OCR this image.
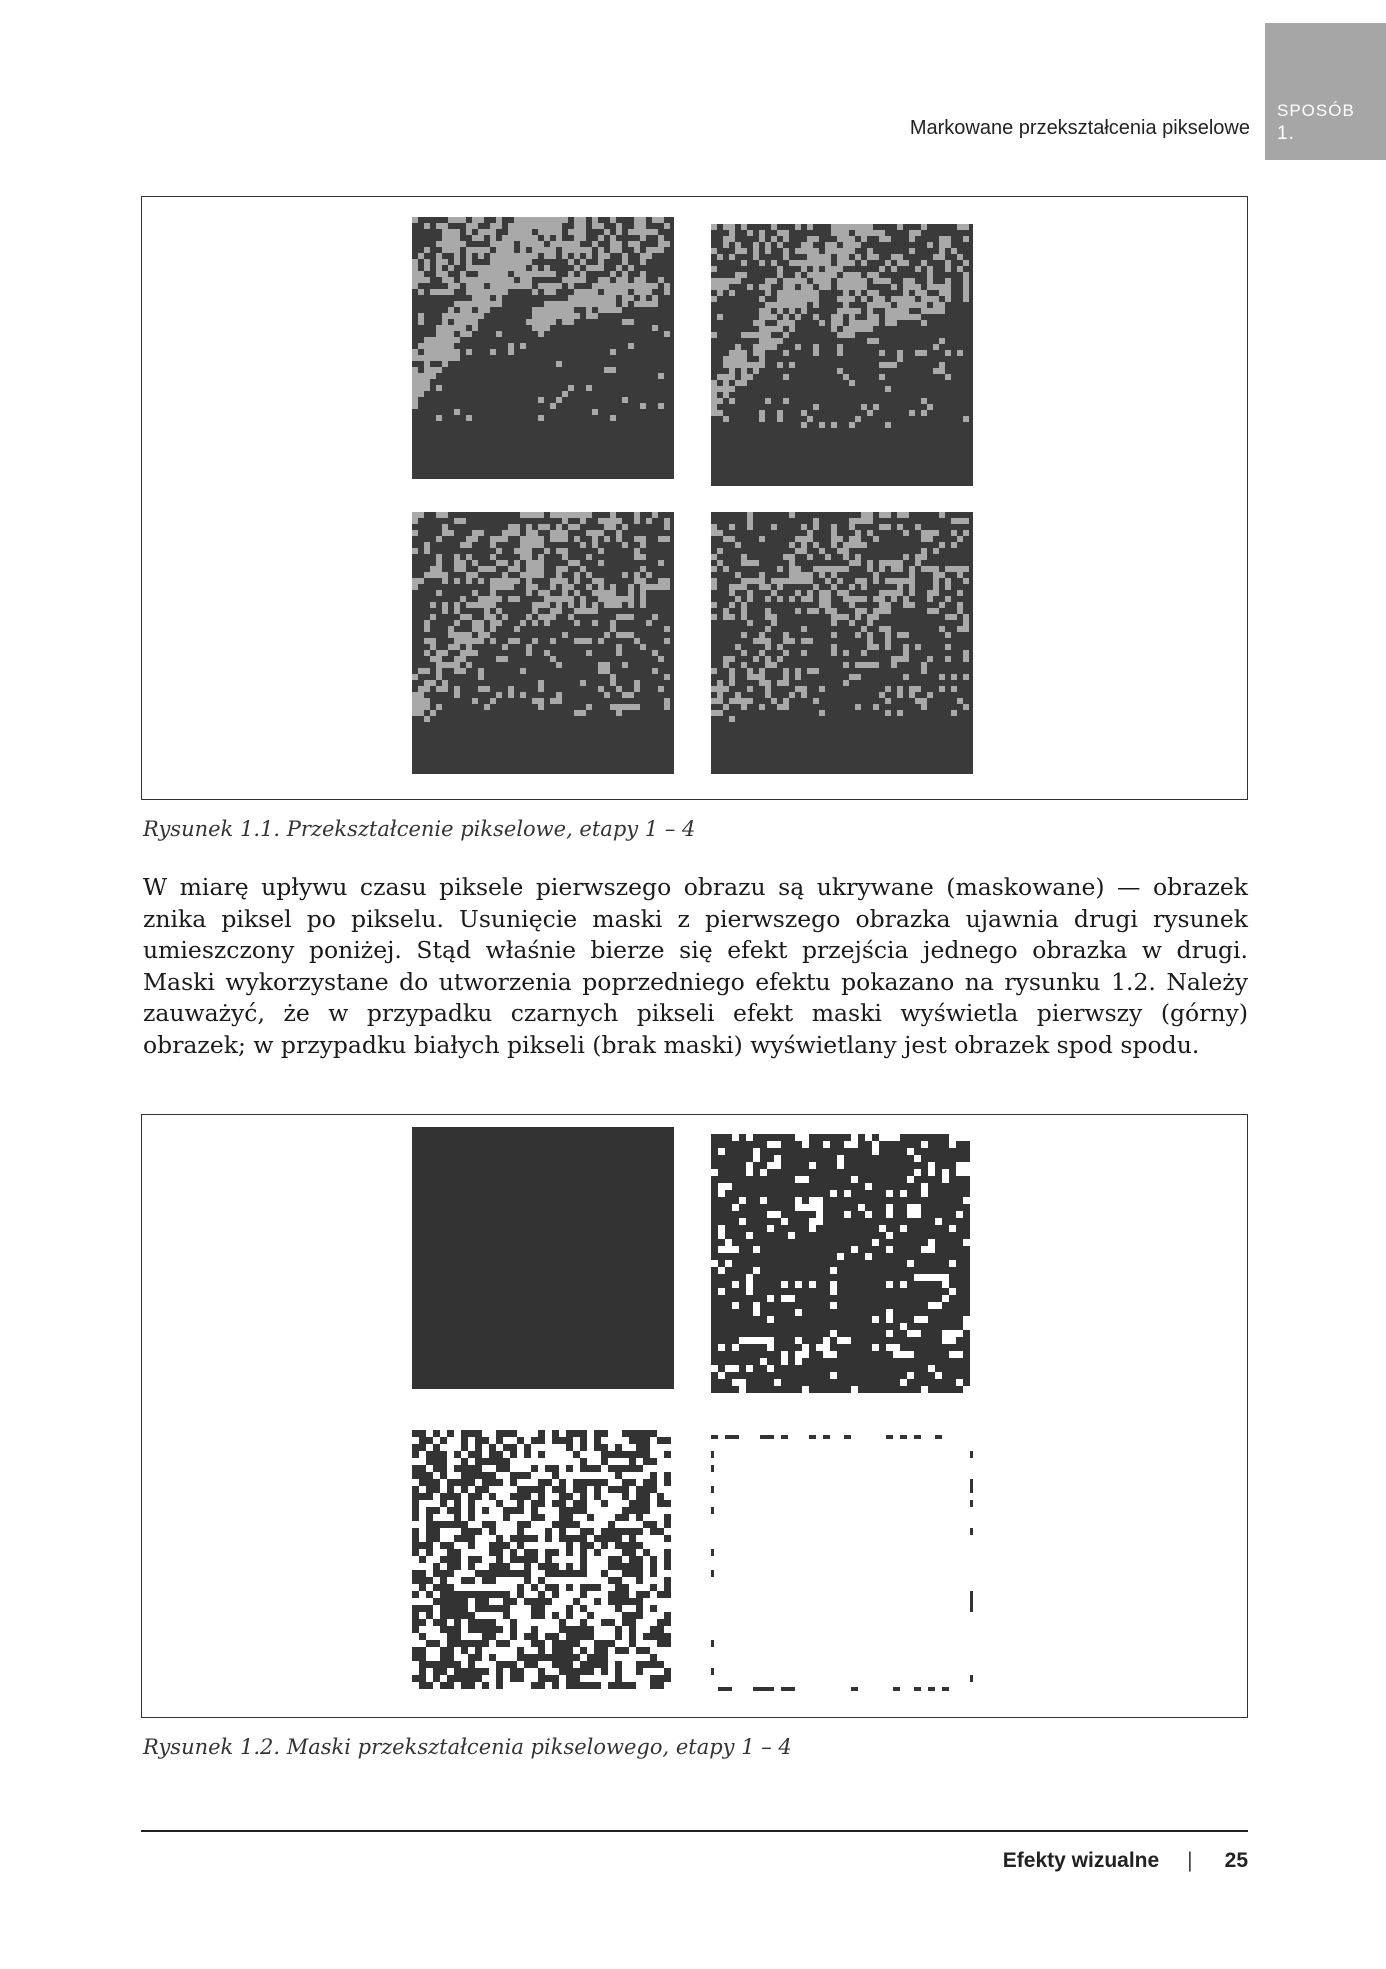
SPOSÓB
1.
Markowane przekształcenia pikselowe
Rysunek 1.1. Przekształcenie pikselowe, etapy 1 – 4
W miarę upływu czasu piksele pierwszego obrazu są ukrywane (maskowane) — obrazek znika piksel po pikselu. Usunięcie maski z pierwszego obrazka ujawnia drugi rysunek umieszczony poniżej. Stąd właśnie bierze się efekt przejścia jednego obrazka w drugi. Maski wykorzystane do utworzenia poprzedniego efektu pokazano na rysunku 1.2. Należy zauważyć, że w przypadku czarnych pikseli efekt maski wyświetla pierwszy (górny) obrazek; w przypadku białych pikseli (brak maski) wyświetlany jest obrazek spod spodu.
Rysunek 1.2. Maski przekształcenia pikselowego, etapy 1 – 4
Efekty wizualne | 25
